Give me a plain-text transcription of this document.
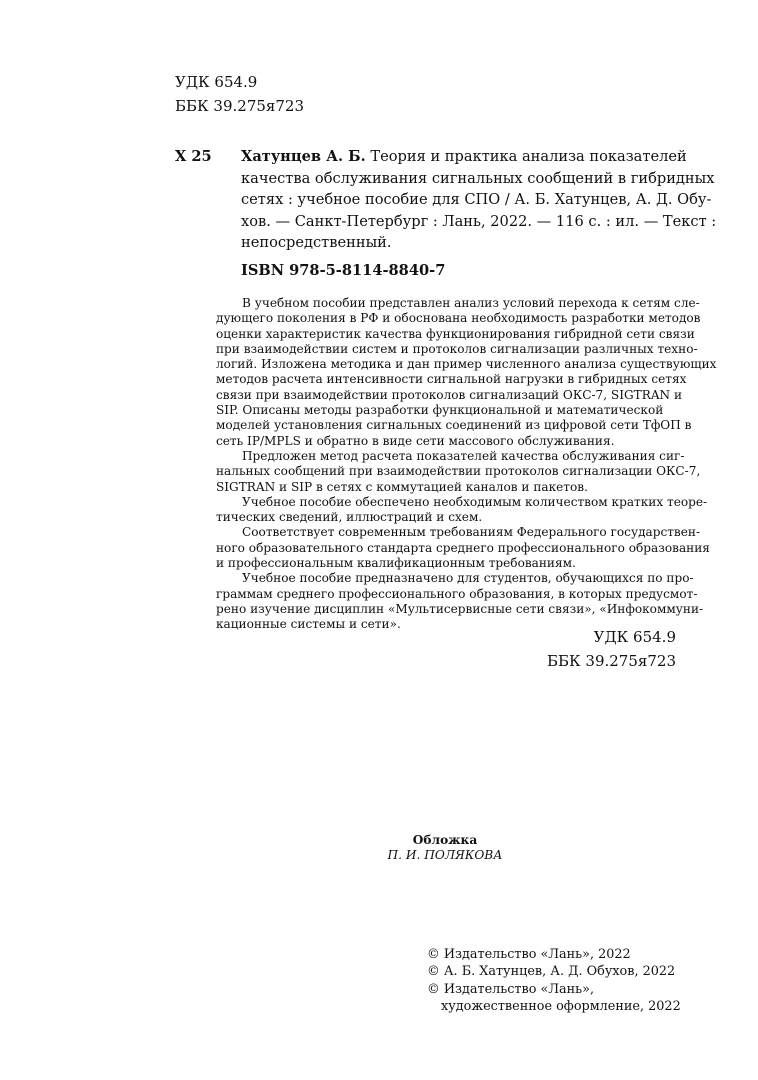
УДК 654.9
ББК 39.275я723
Х 25 Хатунцев А. Б. Теория и практика анализа показателей
качества обслуживания сигнальных сообщений в гибридных
сетях : учебное пособие для СПО / А. Б. Хатунцев, А. Д. Обу-
хов. — Санкт-Петербург : Лань, 2022. — 116 с. : ил. — Текст :
непосредственный.
ISBN 978-5-8114-8840-7
В учебном пособии представлен анализ условий перехода к сетям сле-
дующего поколения в РФ и обоснована необходимость разработки методов
оценки характеристик качества функционирования гибридной сети связи
при взаимодействии систем и протоколов сигнализации различных техно-
логий. Изложена методика и дан пример численного анализа существующих
методов расчета интенсивности сигнальной нагрузки в гибридных сетях
связи при взаимодействии протоколов сигнализаций ОКС-7, SIGTRAN и
SIP. Описаны методы разработки функциональной и математической
моделей установления сигнальных соединений из цифровой сети ТфОП в
сеть IP/MPLS и обратно в виде сети массового обслуживания.
Предложен метод расчета показателей качества обслуживания сиг-
нальных сообщений при взаимодействии протоколов сигнализации ОКС-7,
SIGTRAN и SIP в сетях с коммутацией каналов и пакетов.
Учебное пособие обеспечено необходимым количеством кратких теоре-
тических сведений, иллюстраций и схем.
Соответствует современным требованиям Федерального государствен-
ного образовательного стандарта среднего профессионального образования
и профессиональным квалификационным требованиям.
Учебное пособие предназначено для студентов, обучающихся по про-
граммам среднего профессионального образования, в которых предусмот-
рено изучение дисциплин «Мультисервисные сети связи», «Инфокоммуни-
кационные системы и сети».
УДК 654.9
ББК 39.275я723
Обложка
П. И. ПОЛЯКОВА
© Издательство «Лань», 2022
© А. Б. Хатунцев, А. Д. Обухов, 2022
© Издательство «Лань»,
художественное оформление, 2022
